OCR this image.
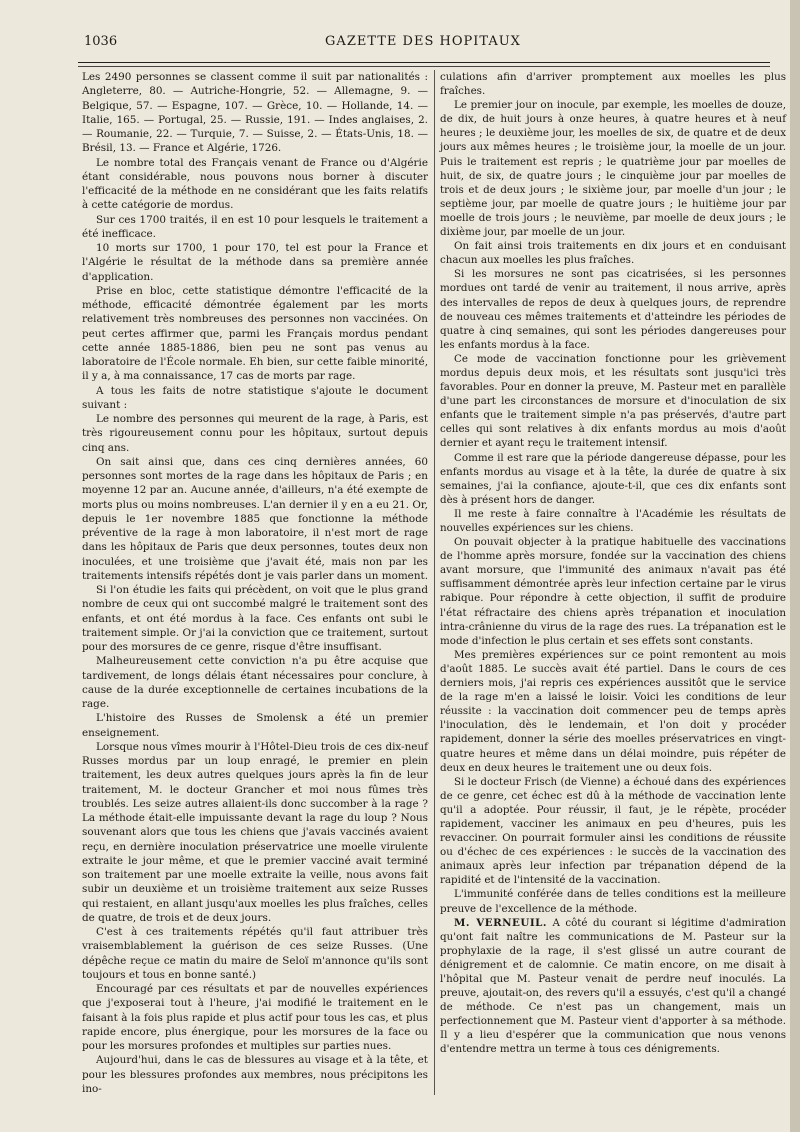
1036	GAZETTE DES HOPITAUX

Les 2490 personnes se classent comme il suit par nationalités : Angleterre, 80. — Autriche-Hongrie, 52. — Allemagne, 9. — Belgique, 57. — Espagne, 107. — Grèce, 10. — Hollande, 14. — Italie, 165. — Portugal, 25. — Russie, 191. — Indes anglaises, 2. — Roumanie, 22. — Turquie, 7. — Suisse, 2. — États-Unis, 18. — Brésil, 13. — France et Algérie, 1726.

Le nombre total des Français venant de France ou d'Algérie étant considérable, nous pouvons nous borner à discuter l'efficacité de la méthode en ne considérant que les faits relatifs à cette catégorie de mordus.

Sur ces 1700 traités, il en est 10 pour lesquels le traitement a été inefficace.

10 morts sur 1700, 1 pour 170, tel est pour la France et l'Algérie le résultat de la méthode dans sa première année d'application.

Prise en bloc, cette statistique démontre l'efficacité de la méthode, efficacité démontrée également par les morts relativement très nombreuses des personnes non vaccinées. On peut certes affirmer que, parmi les Français mordus pendant cette année 1885-1886, bien peu ne sont pas venus au laboratoire de l'École normale. Eh bien, sur cette faible minorité, il y a, à ma connaissance, 17 cas de morts par rage.

A tous les faits de notre statistique s'ajoute le document suivant :

Le nombre des personnes qui meurent de la rage, à Paris, est très rigoureusement connu pour les hôpitaux, surtout depuis cinq ans.

On sait ainsi que, dans ces cinq dernières années, 60 personnes sont mortes de la rage dans les hôpitaux de Paris ; en moyenne 12 par an. Aucune année, d'ailleurs, n'a été exempte de morts plus ou moins nombreuses. L'an dernier il y en a eu 21. Or, depuis le 1er novembre 1885 que fonctionne la méthode préventive de la rage à mon laboratoire, il n'est mort de rage dans les hôpitaux de Paris que deux personnes, toutes deux non inoculées, et une troisième que j'avait été, mais non par les traitements intensifs répétés dont je vais parler dans un moment.

Si l'on étudie les faits qui précèdent, on voit que le plus grand nombre de ceux qui ont succombé malgré le traitement sont des enfants, et ont été mordus à la face. Ces enfants ont subi le traitement simple. Or j'ai la conviction que ce traitement, surtout pour des morsures de ce genre, risque d'être insuffisant.

Malheureusement cette conviction n'a pu être acquise que tardivement, de longs délais étant nécessaires pour conclure, à cause de la durée exceptionnelle de certaines incubations de la rage.

L'histoire des Russes de Smolensk a été un premier enseignement.

Lorsque nous vîmes mourir à l'Hôtel-Dieu trois de ces dix-neuf Russes mordus par un loup enragé, le premier en plein traitement, les deux autres quelques jours après la fin de leur traitement, M. le docteur Grancher et moi nous fûmes très troublés. Les seize autres allaient-ils donc succomber à la rage ? La méthode était-elle impuissante devant la rage du loup ? Nous souvenant alors que tous les chiens que j'avais vaccinés avaient reçu, en dernière inoculation préservatrice une moelle virulente extraite le jour même, et que le premier vacciné avait terminé son traitement par une moelle extraite la veille, nous avons fait subir un deuxième et un troisième traitement aux seize Russes qui restaient, en allant jusqu'aux moelles les plus fraîches, celles de quatre, de trois et de deux jours.

C'est à ces traitements répétés qu'il faut attribuer très vraisemblablement la guérison de ces seize Russes. (Une dépêche reçue ce matin du maire de Seloï m'annonce qu'ils sont toujours et tous en bonne santé.)

Encouragé par ces résultats et par de nouvelles expériences que j'exposerai tout à l'heure, j'ai modifié le traitement en le faisant à la fois plus rapide et plus actif pour tous les cas, et plus rapide encore, plus énergique, pour les morsures de la face ou pour les morsures profondes et multiples sur parties nues.

Aujourd'hui, dans le cas de blessures au visage et à la tête, et pour les blessures profondes aux membres, nous précipitons les ino-

culations afin d'arriver promptement aux moelles les plus fraîches.

Le premier jour on inocule, par exemple, les moelles de douze, de dix, de huit jours à onze heures, à quatre heures et à neuf heures ; le deuxième jour, les moelles de six, de quatre et de deux jours aux mêmes heures ; le troisième jour, la moelle de un jour. Puis le traitement est repris ; le quatrième jour par moelles de huit, de six, de quatre jours ; le cinquième jour par moelles de trois et de deux jours ; le sixième jour, par moelle d'un jour ; le septième jour, par moelle de quatre jours ; le huitième jour par moelle de trois jours ; le neuvième, par moelle de deux jours ; le dixième jour, par moelle de un jour.

On fait ainsi trois traitements en dix jours et en conduisant chacun aux moelles les plus fraîches.

Si les morsures ne sont pas cicatrisées, si les personnes mordues ont tardé de venir au traitement, il nous arrive, après des intervalles de repos de deux à quelques jours, de reprendre de nouveau ces mêmes traitements et d'atteindre les périodes de quatre à cinq semaines, qui sont les périodes dangereuses pour les enfants mordus à la face.

Ce mode de vaccination fonctionne pour les grièvement mordus depuis deux mois, et les résultats sont jusqu'ici très favorables. Pour en donner la preuve, M. Pasteur met en parallèle d'une part les circonstances de morsure et d'inoculation de six enfants que le traitement simple n'a pas préservés, d'autre part celles qui sont relatives à dix enfants mordus au mois d'août dernier et ayant reçu le traitement intensif.

Comme il est rare que la période dangereuse dépasse, pour les enfants mordus au visage et à la tête, la durée de quatre à six semaines, j'ai la confiance, ajoute-t-il, que ces dix enfants sont dès à présent hors de danger.

Il me reste à faire connaître à l'Académie les résultats de nouvelles expériences sur les chiens.

On pouvait objecter à la pratique habituelle des vaccinations de l'homme après morsure, fondée sur la vaccination des chiens avant morsure, que l'immunité des animaux n'avait pas été suffisamment démontrée après leur infection certaine par le virus rabique. Pour répondre à cette objection, il suffit de produire l'état réfractaire des chiens après trépanation et inoculation intra-crânienne du virus de la rage des rues. La trépanation est le mode d'infection le plus certain et ses effets sont constants.

Mes premières expériences sur ce point remontent au mois d'août 1885. Le succès avait été partiel. Dans le cours de ces derniers mois, j'ai repris ces expériences aussitôt que le service de la rage m'en a laissé le loisir. Voici les conditions de leur réussite : la vaccination doit commencer peu de temps après l'inoculation, dès le lendemain, et l'on doit y procéder rapidement, donner la série des moelles préservatrices en vingt-quatre heures et même dans un délai moindre, puis répéter de deux en deux heures le traitement une ou deux fois.

Si le docteur Frisch (de Vienne) a échoué dans des expériences de ce genre, cet échec est dû à la méthode de vaccination lente qu'il a adoptée. Pour réussir, il faut, je le répète, procéder rapidement, vacciner les animaux en peu d'heures, puis les revacciner. On pourrait formuler ainsi les conditions de réussite ou d'échec de ces expériences : le succès de la vaccination des animaux après leur infection par trépanation dépend de la rapidité et de l'intensité de la vaccination.

L'immunité conférée dans de telles conditions est la meilleure preuve de l'excellence de la méthode.

M. VERNEUIL. A côté du courant si légitime d'admiration qu'ont fait naître les communications de M. Pasteur sur la prophylaxie de la rage, il s'est glissé un autre courant de dénigrement et de calomnie. Ce matin encore, on me disait à l'hôpital que M. Pasteur venait de perdre neuf inoculés. La preuve, ajoutait-on, des revers qu'il a essuyés, c'est qu'il a changé de méthode. Ce n'est pas un changement, mais un perfectionnement que M. Pasteur vient d'apporter à sa méthode. Il y a lieu d'espérer que la communication que nous venons d'entendre mettra un terme à tous ces dénigrements.
